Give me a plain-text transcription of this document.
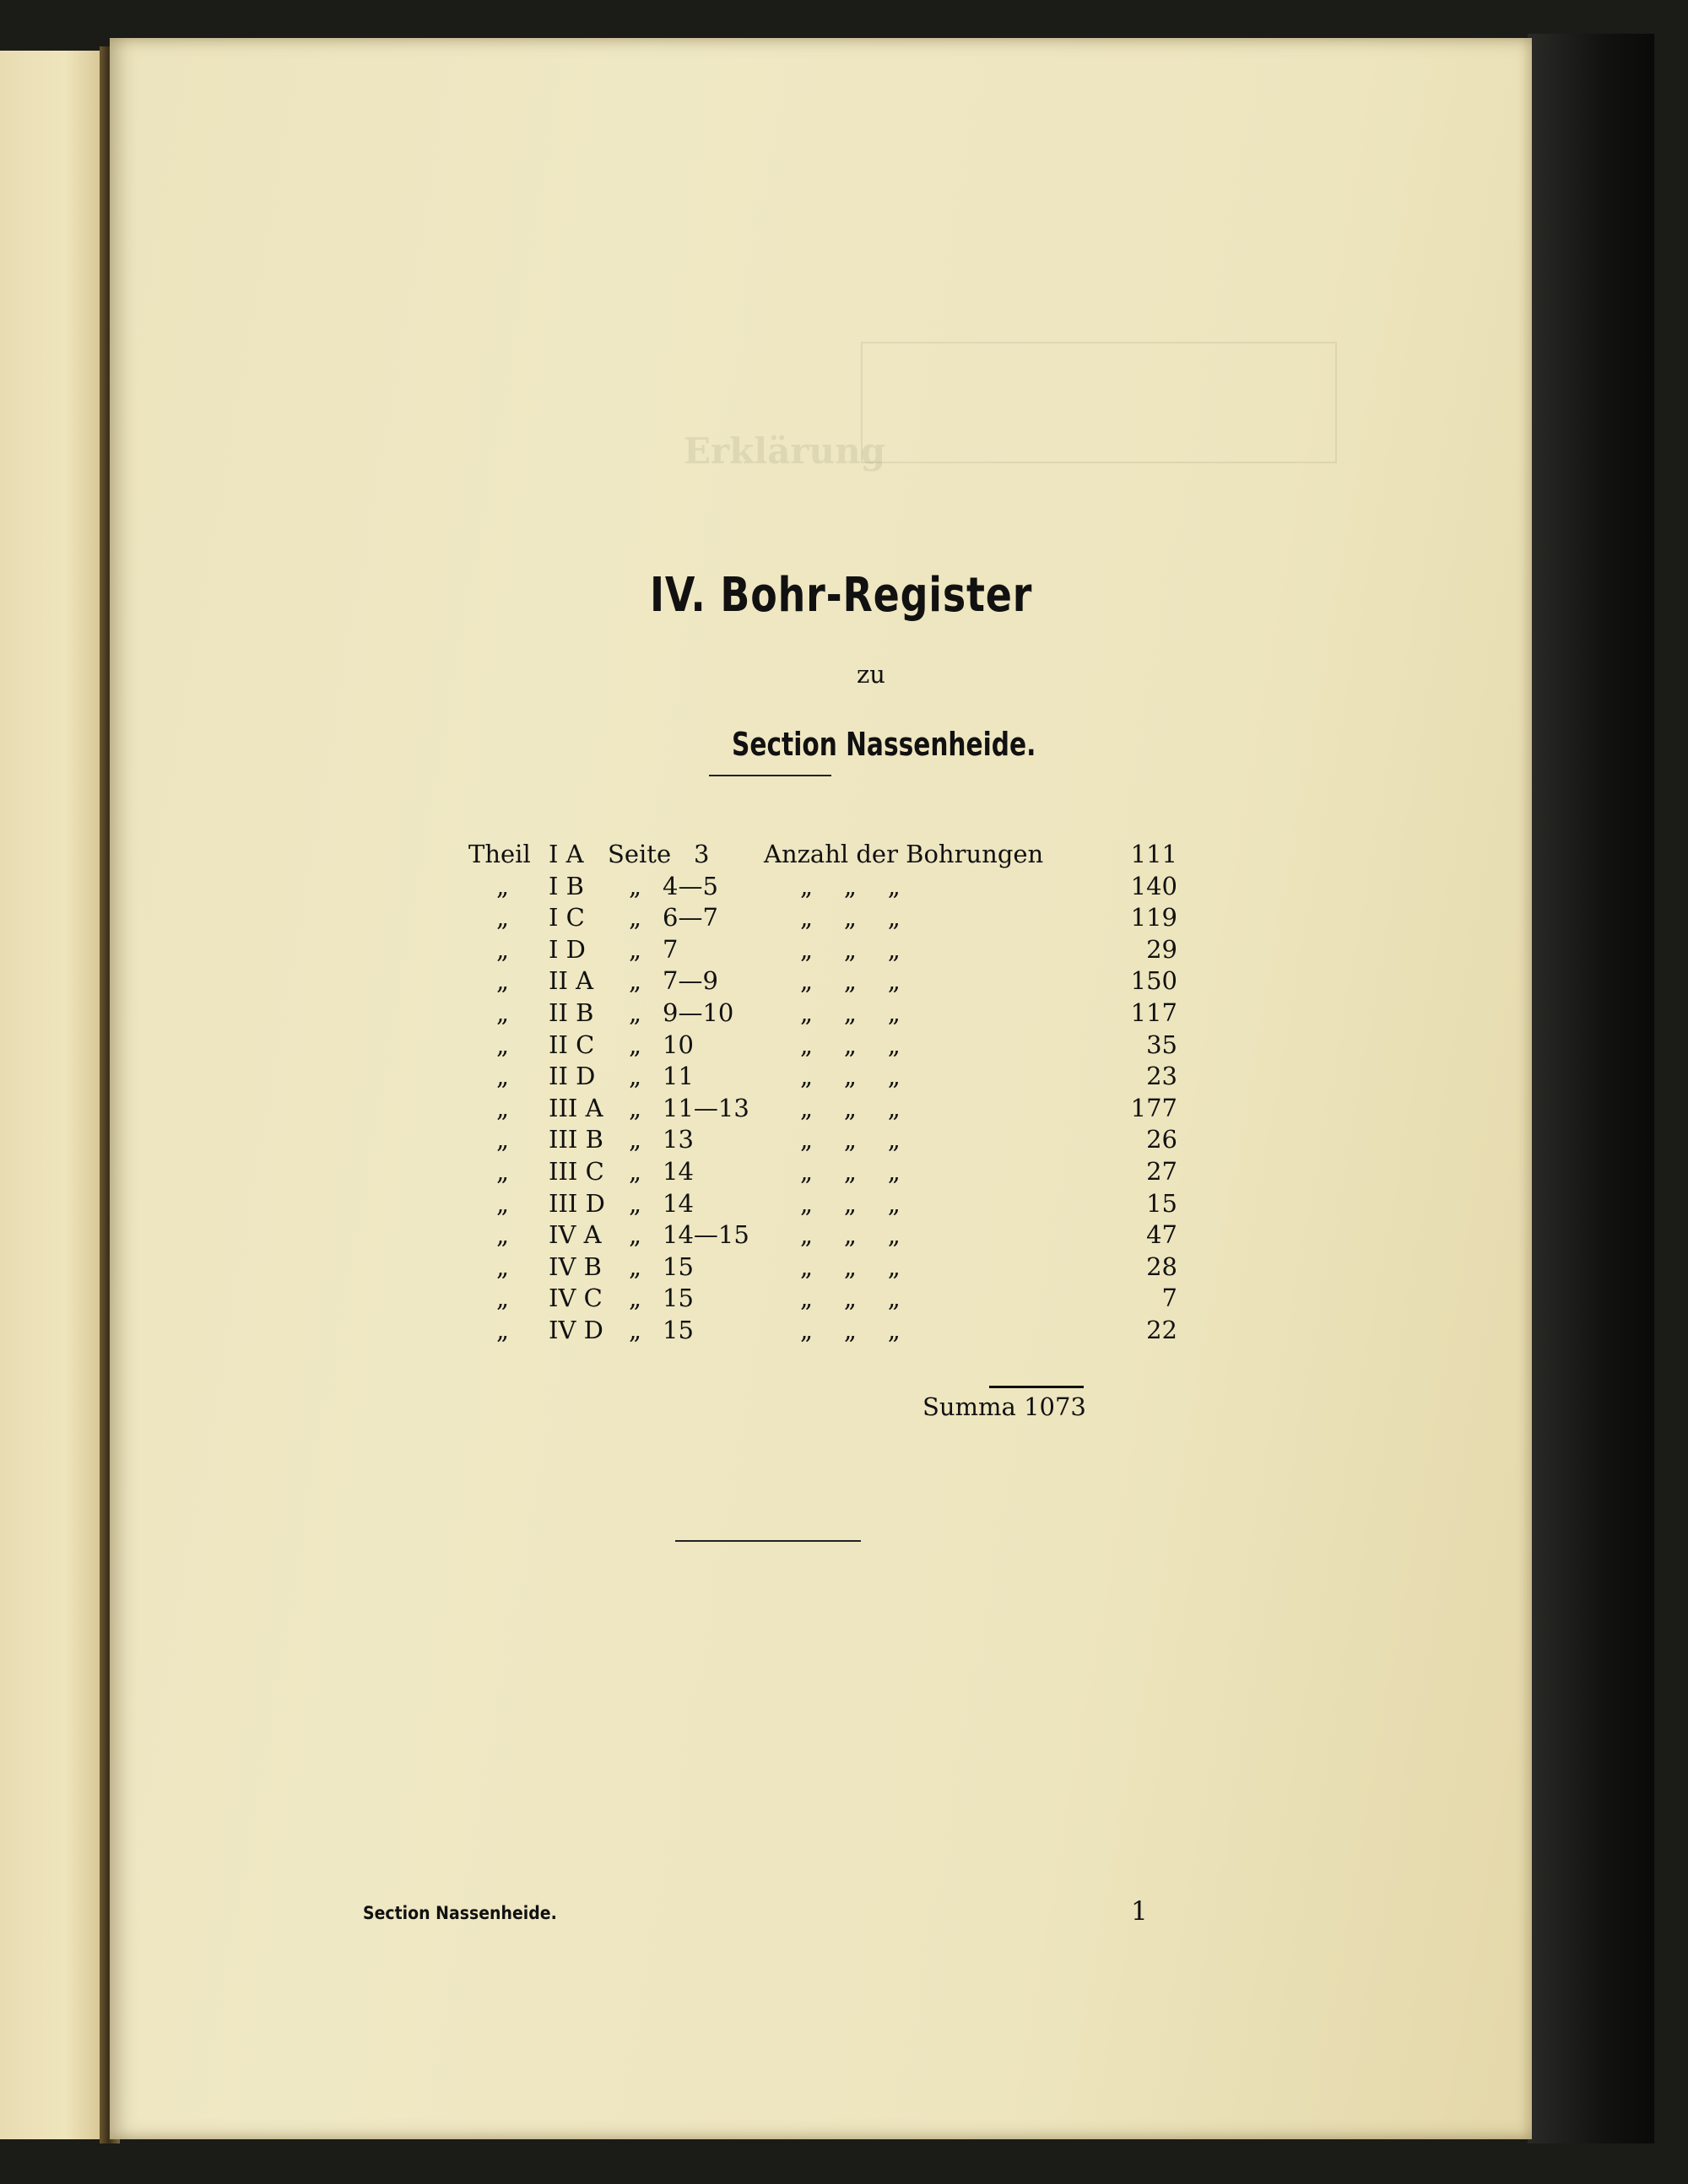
Erklärung
IV. Bohr-Register
zu
Section Nassenheide.
Theil I A Seite 3 Anzahl der Bohrungen	111
„ I B „ 4—5	„    „    „	140
„ I C „ 6—7	„    „    „	119
„ I D „ 7	„    „    „	29
„ II A „ 7—9	„    „    „	150
„ II B „ 9—10	„    „    „	117
„ II C „ 10	„    „    „	35
„ II D „ 11	„    „    „	23
„ III A „ 11—13 „    „    „	177
„ III B „ 13	„    „    „	26
„ III C „ 14	„    „    „	27
„ III D „ 14	„    „    „	15
„ IV A „ 14—15 „    „    „	47
„ IV B „ 15	„    „    „	28
„ IV C „ 15	„    „    „	7
„ IV D „ 15	„    „    „	22
Summa 1073
Section Nassenheide.	1
